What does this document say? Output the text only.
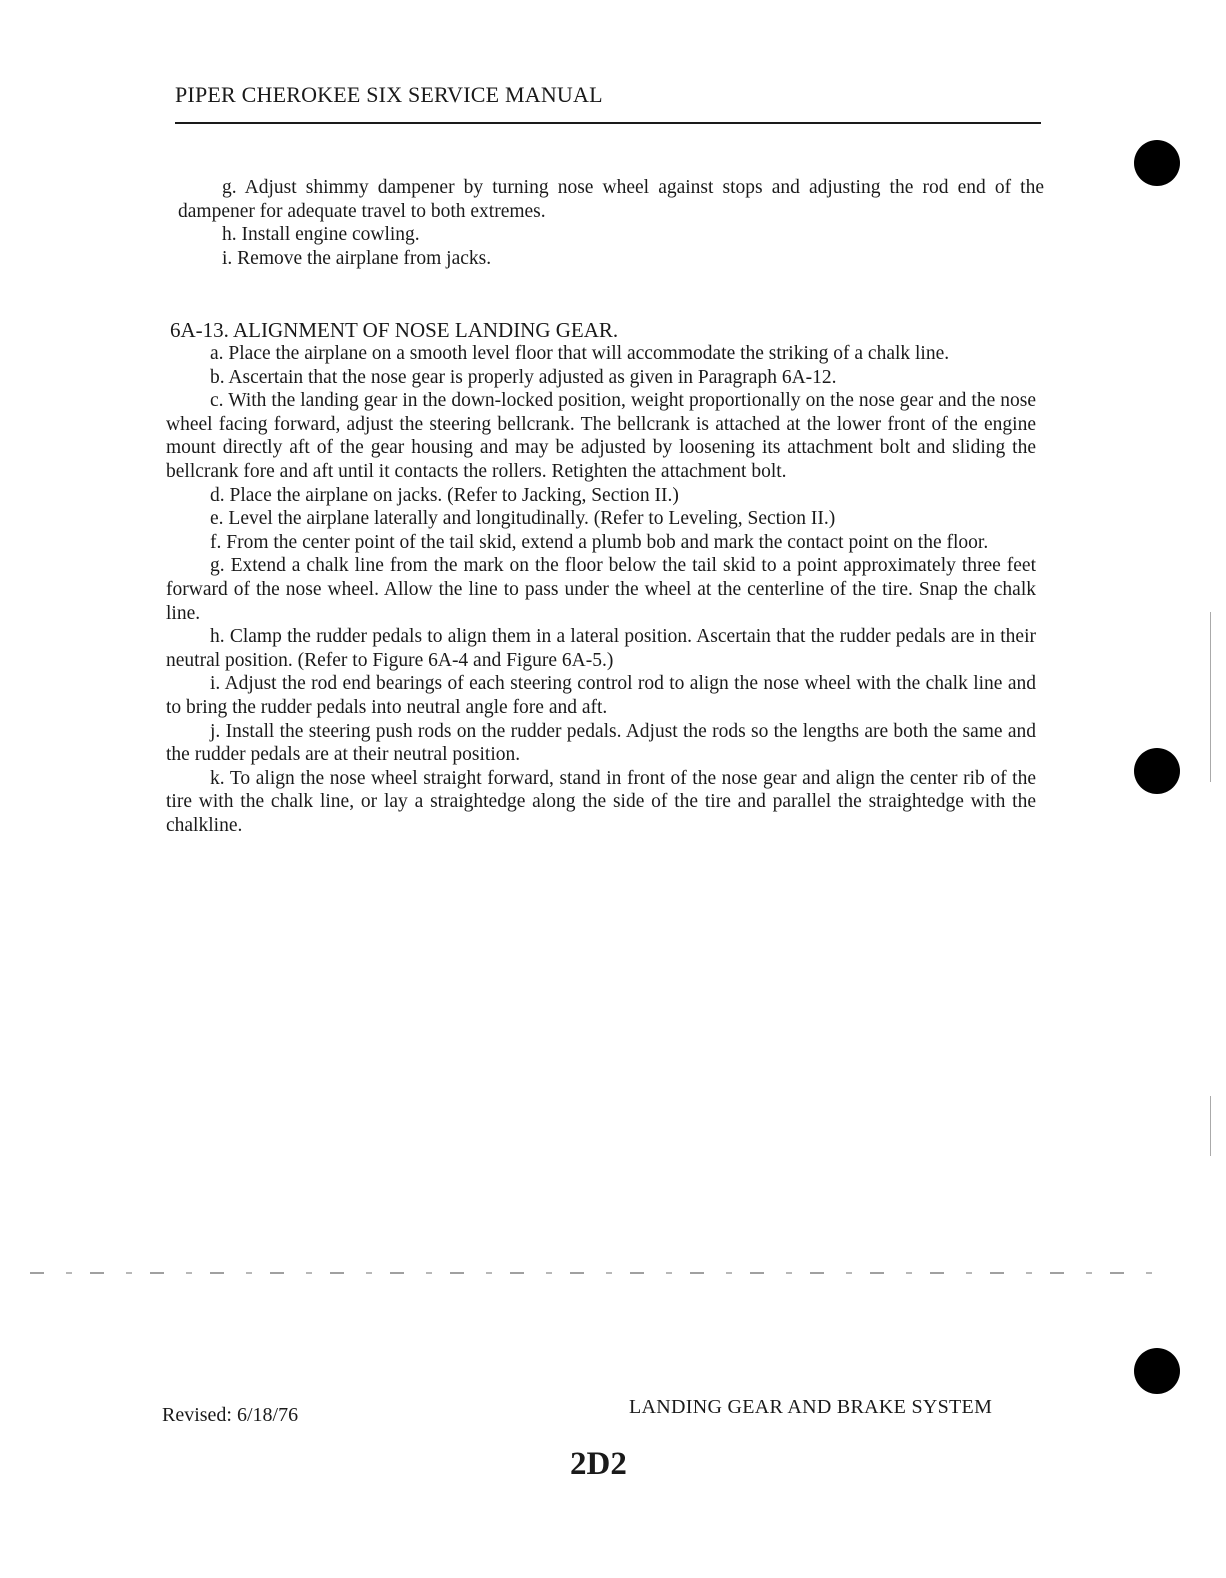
PIPER CHEROKEE SIX SERVICE MANUAL

g. Adjust shimmy dampener by turning nose wheel against stops and adjusting the rod end of the dampener for adequate travel to both extremes.

h. Install engine cowling.

i. Remove the airplane from jacks.

6A-13. ALIGNMENT OF NOSE LANDING GEAR.

a. Place the airplane on a smooth level floor that will accommodate the striking of a chalk line.

b. Ascertain that the nose gear is properly adjusted as given in Paragraph 6A-12.

c. With the landing gear in the down-locked position, weight proportionally on the nose gear and the nose wheel facing forward, adjust the steering bellcrank. The bellcrank is attached at the lower front of the engine mount directly aft of the gear housing and may be adjusted by loosening its attachment bolt and sliding the bellcrank fore and aft until it contacts the rollers. Retighten the attachment bolt.

d. Place the airplane on jacks. (Refer to Jacking, Section II.)

e. Level the airplane laterally and longitudinally. (Refer to Leveling, Section II.)

f. From the center point of the tail skid, extend a plumb bob and mark the contact point on the floor.

g. Extend a chalk line from the mark on the floor below the tail skid to a point approximately three feet forward of the nose wheel. Allow the line to pass under the wheel at the centerline of the tire. Snap the chalk line.

h. Clamp the rudder pedals to align them in a lateral position. Ascertain that the rudder pedals are in their neutral position. (Refer to Figure 6A-4 and Figure 6A-5.)

i. Adjust the rod end bearings of each steering control rod to align the nose wheel with the chalk line and to bring the rudder pedals into neutral angle fore and aft.

j. Install the steering push rods on the rudder pedals. Adjust the rods so the lengths are both the same and the rudder pedals are at their neutral position.

k. To align the nose wheel straight forward, stand in front of the nose gear and align the center rib of the tire with the chalk line, or lay a straightedge along the side of the tire and parallel the straightedge with the chalkline.

Revised: 6/18/76	LANDING GEAR AND BRAKE SYSTEM
2D2
